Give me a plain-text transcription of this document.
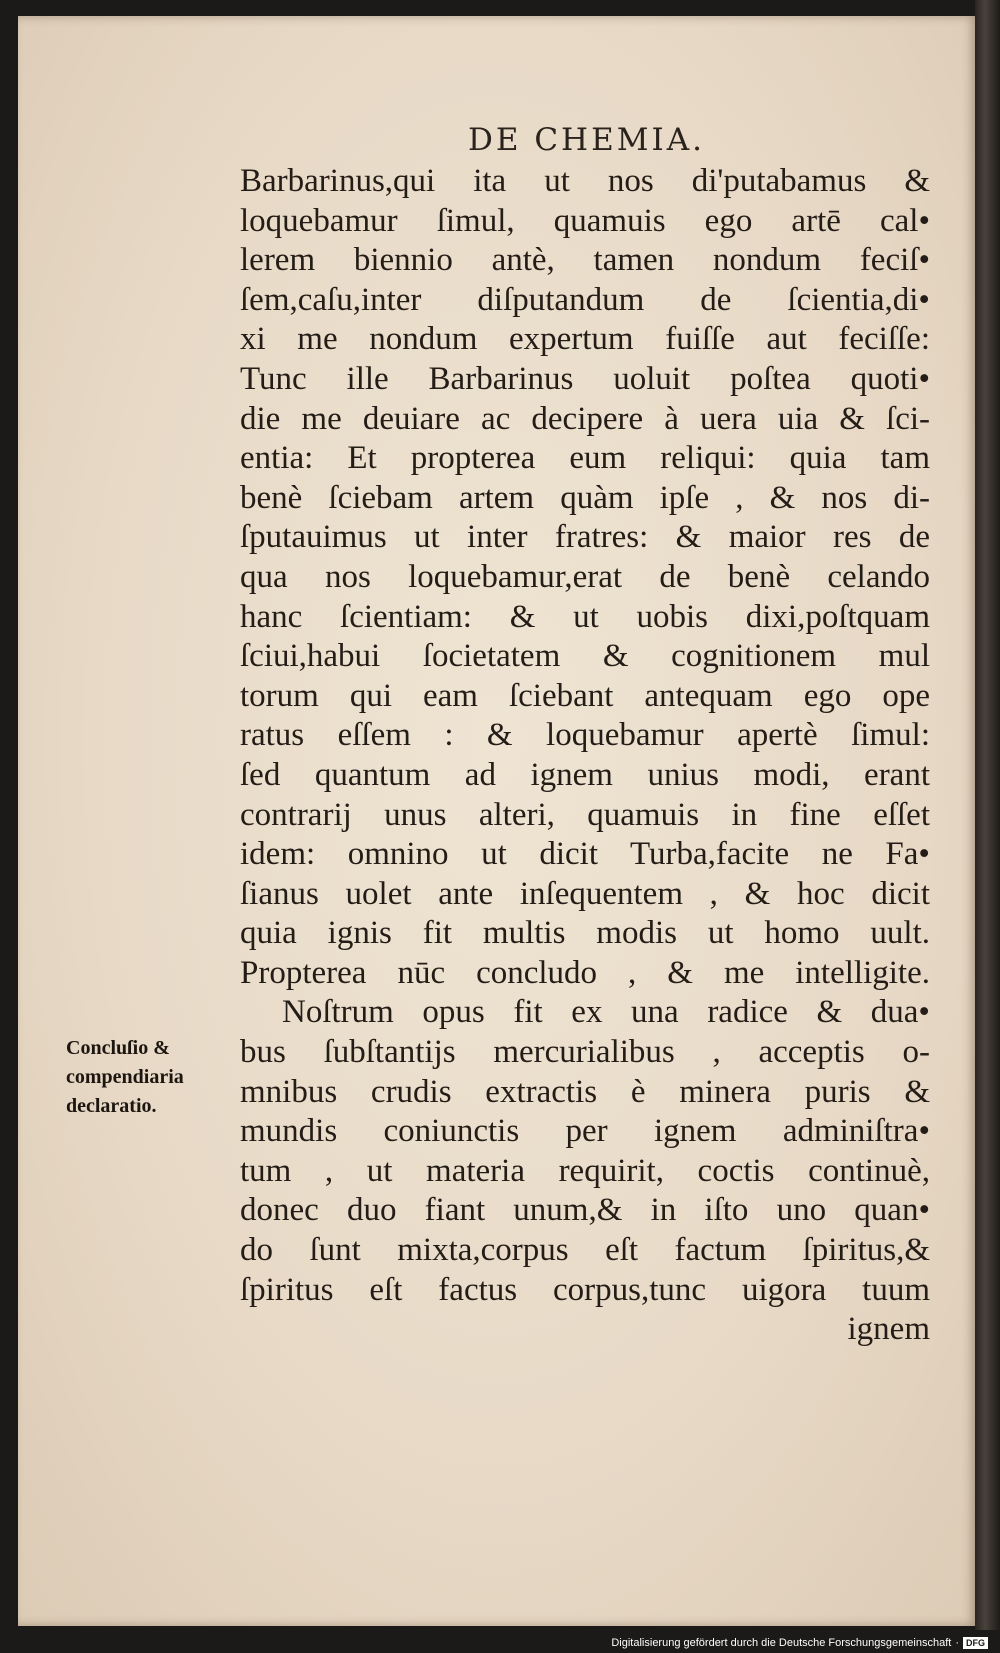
DE CHEMIA.
Concluſio &
compendiaria
declaratio.
Barbarinus,qui ita ut nos di'putabamus &
loquebamur ſimul, quamuis ego artē cal•
lerem biennio antè, tamen nondum feciſ•
ſem,caſu,inter diſputandum de ſcientia,di•
xi me nondum expertum fuiſſe aut feciſſe:
Tunc ille Barbarinus uoluit poſtea quoti•
die me deuiare ac decipere à uera uia & ſci-
entia: Et propterea eum reliqui: quia tam
benè ſciebam artem quàm ipſe , & nos di-
ſputauimus ut inter fratres: & maior res de
qua nos loquebamur,erat de benè celando
hanc ſcientiam: & ut uobis dixi,poſtquam
ſciui,habui ſocietatem & cognitionem mul
torum qui eam ſciebant antequam ego ope
ratus eſſem : & loquebamur apertè ſimul:
ſed quantum ad ignem unius modi, erant
contrarij unus alteri, quamuis in fine eſſet
idem: omnino ut dicit Turba,facite ne Fa•
ſianus uolet ante inſequentem , & hoc dicit
quia ignis fit multis modis ut homo uult.
Propterea nūc concludo , & me intelligite.
Noſtrum opus fit ex una radice & dua•
bus ſubſtantijs mercurialibus , acceptis o-
mnibus crudis extractis è minera puris &
mundis coniunctis per ignem adminiſtra•
tum , ut materia requirit, coctis continuè,
donec duo fiant unum,& in iſto uno quan•
do ſunt mixta,corpus eſt factum ſpiritus,&
ſpiritus eſt factus corpus,tunc uigora tuum
ignem
Digitalisierung gefördert durch die Deutsche Forschungsgemeinschaft · DFG
